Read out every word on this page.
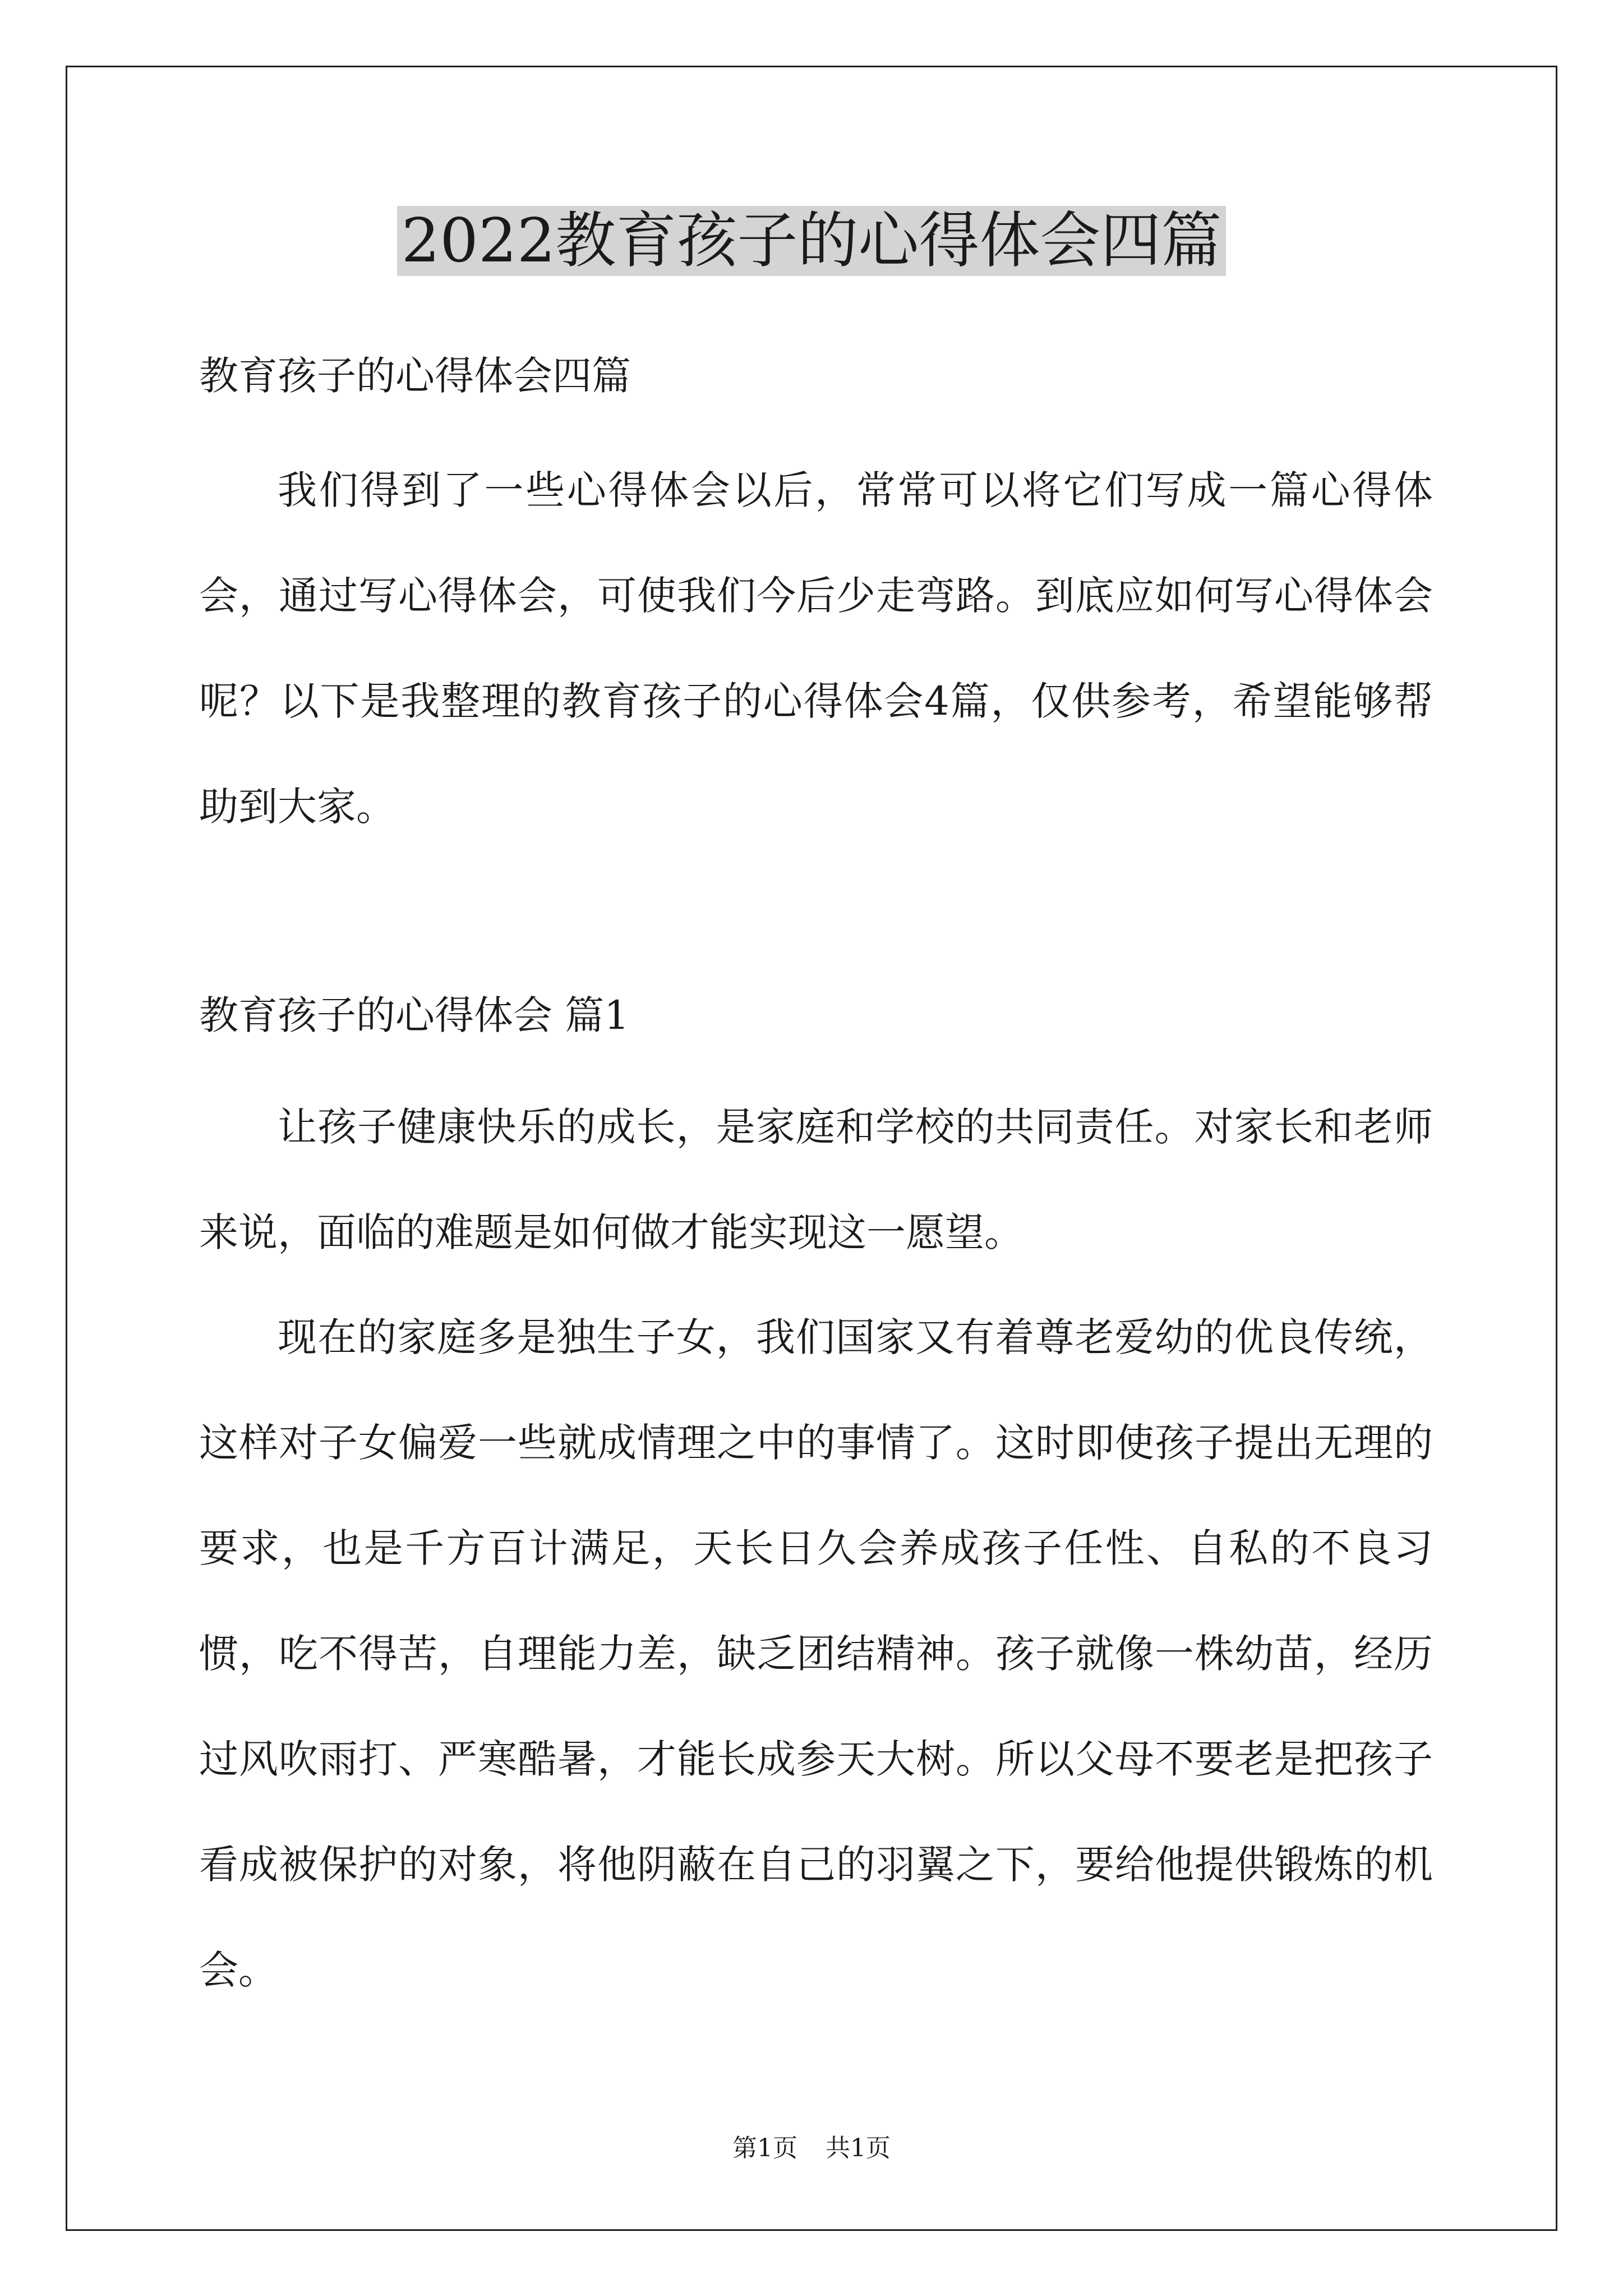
2022教育孩子的心得体会四篇
教育孩子的心得体会四篇

我们得到了一些心得体会以后，常常可以将它们写成一篇心得体会，通过写心得体会，可使我们今后少走弯路。到底应如何写心得体会呢？以下是我整理的教育孩子的心得体会4篇，仅供参考，希望能够帮助到大家。

教育孩子的心得体会 篇1

让孩子健康快乐的成长，是家庭和学校的共同责任。对家长和老师来说，面临的难题是如何做才能实现这一愿望。

现在的家庭多是独生子女，我们国家又有着尊老爱幼的优良传统，这样对子女偏爱一些就成情理之中的事情了。这时即使孩子提出无理的要求，也是千方百计满足，天长日久会养成孩子任性、自私的不良习惯，吃不得苦，自理能力差，缺乏团结精神。孩子就像一株幼苗，经历过风吹雨打、严寒酷暑，才能长成参天大树。所以父母不要老是把孩子看成被保护的对象，将他阴蔽在自己的羽翼之下，要给他提供锻炼的机会。

第1页 共1页
